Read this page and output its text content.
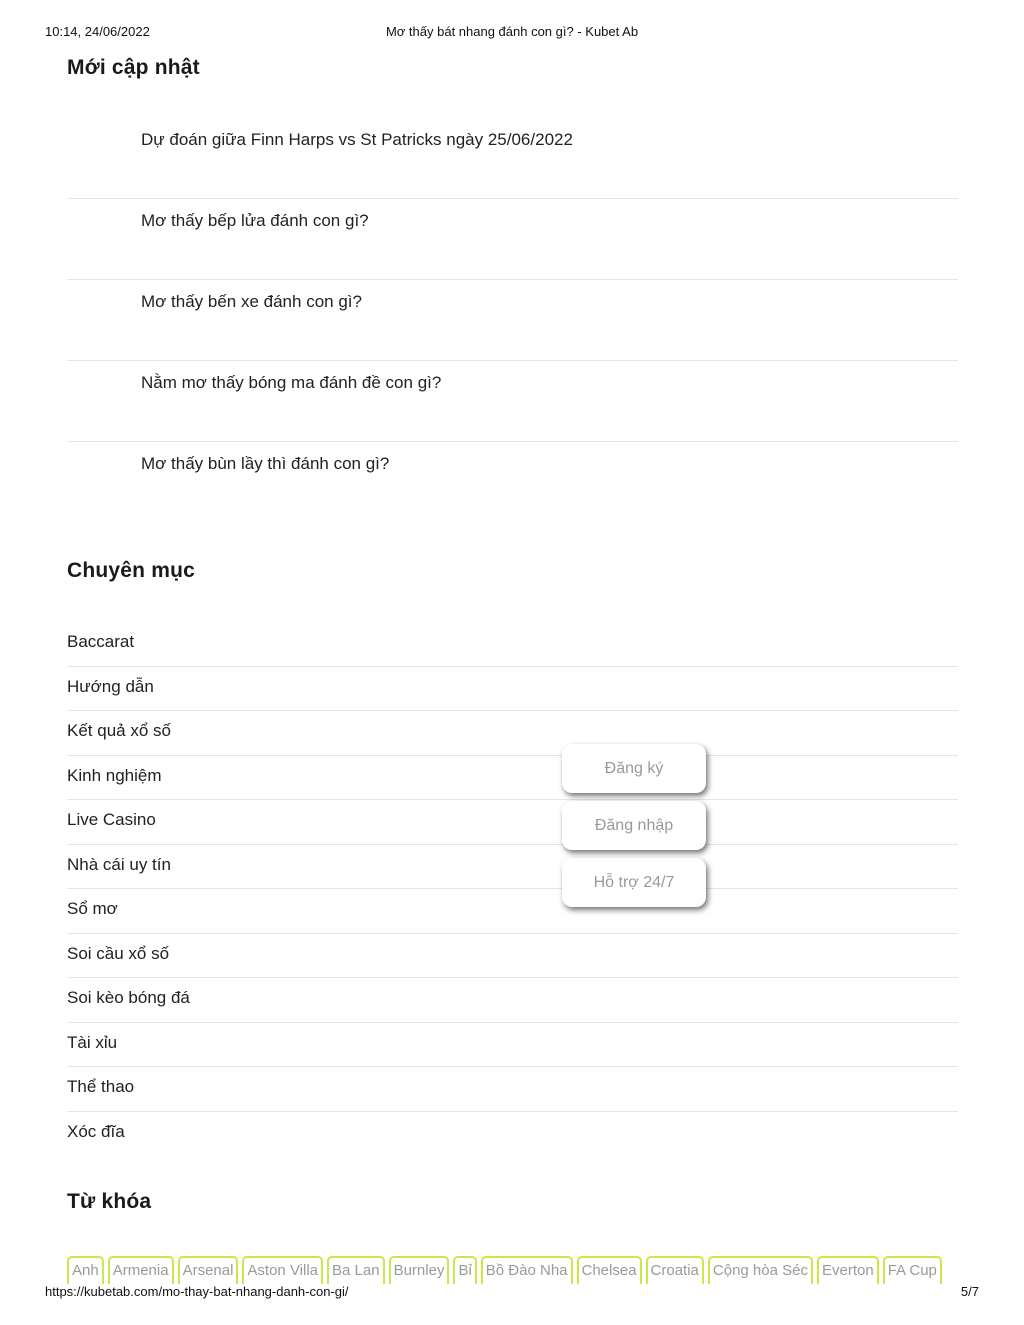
10:14, 24/06/2022	Mơ thấy bát nhang đánh con gì? - Kubet Ab
Mới cập nhật
Dự đoán giữa Finn Harps vs St Patricks ngày 25/06/2022
Mơ thấy bếp lửa đánh con gì?
Mơ thấy bến xe đánh con gì?
Nằm mơ thấy bóng ma đánh đề con gì?
Mơ thấy bùn lầy thì đánh con gì?
Chuyên mục
Baccarat
Hướng dẫn
Kết quả xổ số
Kinh nghiệm
Live Casino
Nhà cái uy tín
Sổ mơ
Soi cầu xổ số
Soi kèo bóng đá
Tài xỉu
Thể thao
Xóc đĩa
Đăng ký
Đăng nhập
Hỗ trợ 24/7
Từ khóa
Anh Armenia Arsenal Aston Villa Ba Lan Burnley Bỉ Bồ Đào Nha Chelsea Croatia Cộng hòa Séc Everton FA Cup
https://kubetab.com/mo-thay-bat-nhang-danh-con-gi/	5/7
